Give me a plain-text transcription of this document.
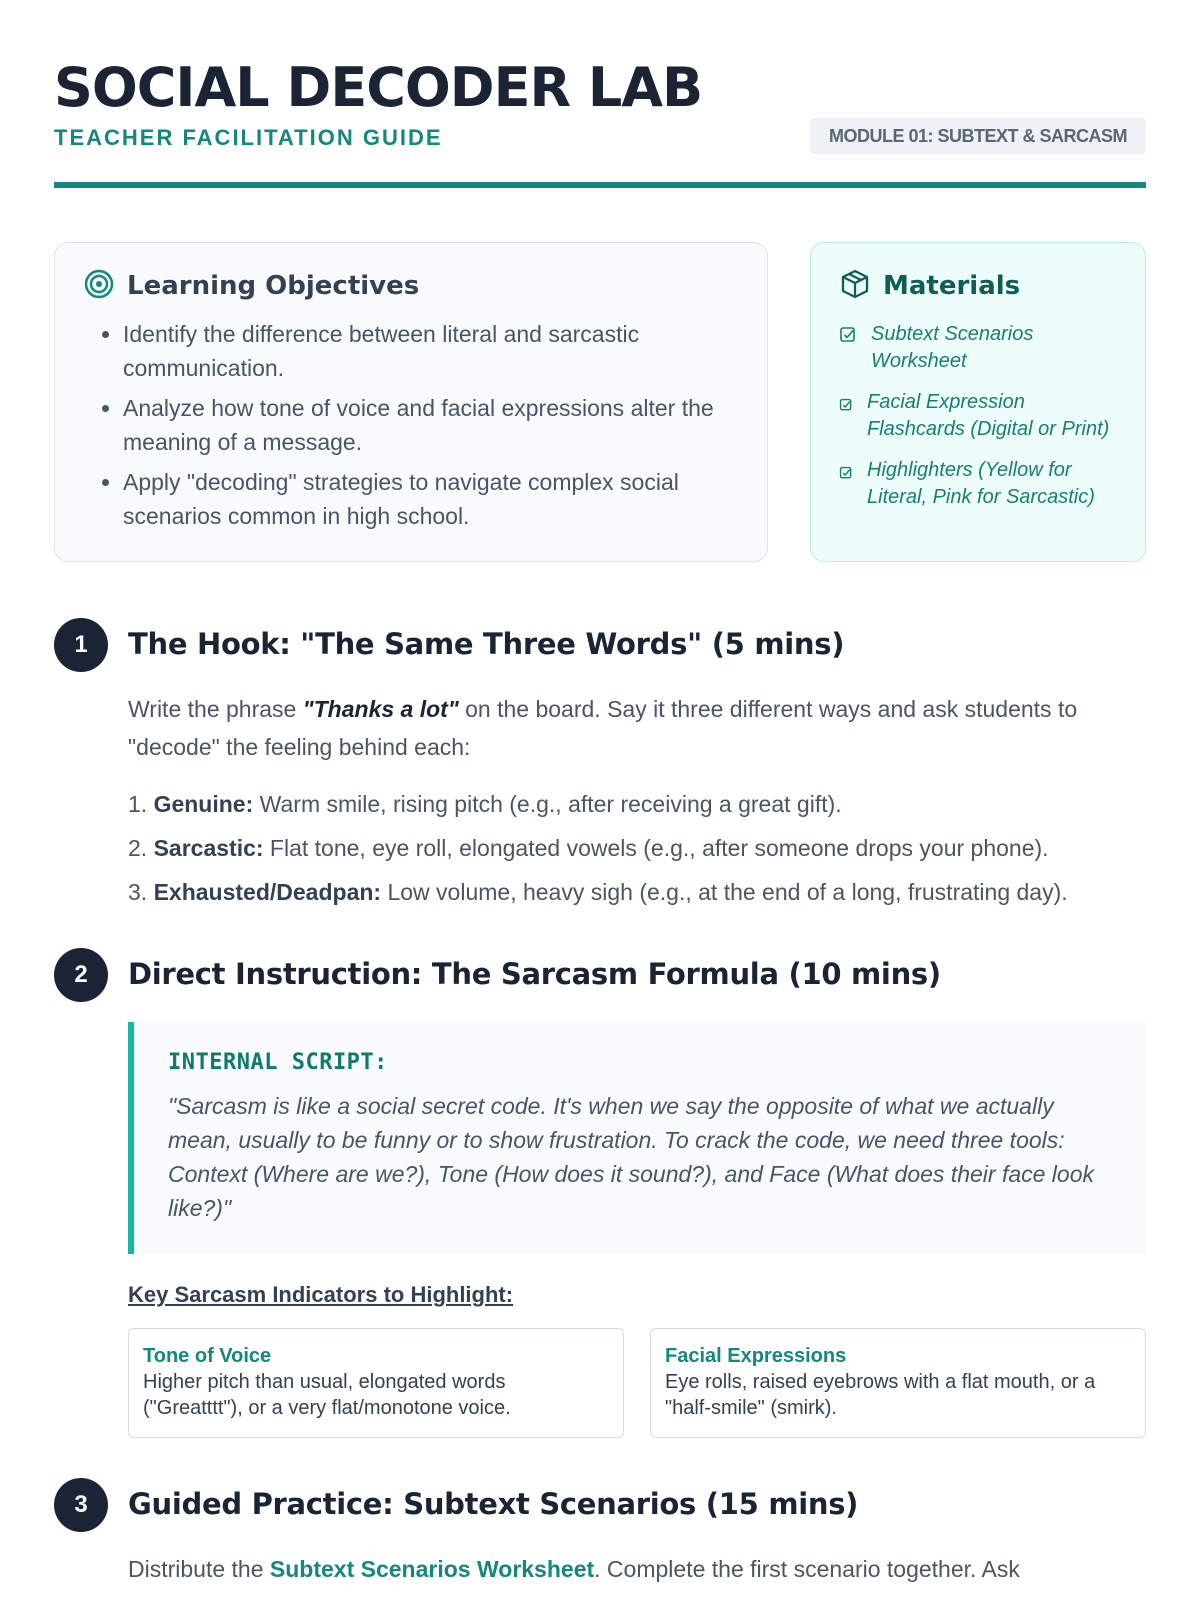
SOCIAL DECODER LAB
TEACHER FACILITATION GUIDE	MODULE 01: SUBTEXT & SARCASM
Learning Objectives
• Identify the difference between literal and sarcastic communication.
• Analyze how tone of voice and facial expressions alter the meaning of a message.
• Apply "decoding" strategies to navigate complex social scenarios common in high school.
Materials
Subtext Scenarios Worksheet
Facial Expression Flashcards (Digital or Print)
Highlighters (Yellow for Literal, Pink for Sarcastic)
1	The Hook: "The Same Three Words" (5 mins)

Write the phrase "Thanks a lot" on the board. Say it three different ways and ask students to "decode" the feeling behind each:

1. Genuine: Warm smile, rising pitch (e.g., after receiving a great gift).
2. Sarcastic: Flat tone, eye roll, elongated vowels (e.g., after someone drops your phone).
3. Exhausted/Deadpan: Low volume, heavy sigh (e.g., at the end of a long, frustrating day).
2	Direct Instruction: The Sarcasm Formula (10 mins)
INTERNAL SCRIPT:
"Sarcasm is like a social secret code. It's when we say the opposite of what we actually mean, usually to be funny or to show frustration. To crack the code, we need three tools: Context (Where are we?), Tone (How does it sound?), and Face (What does their face look like?)"
Key Sarcasm Indicators to Highlight:
Tone of Voice
Higher pitch than usual, elongated words ("Greatttt"), or a very flat/monotone voice.
Facial Expressions
Eye rolls, raised eyebrows with a flat mouth, or a "half-smile" (smirk).
3	Guided Practice: Subtext Scenarios (15 mins)

Distribute the Subtext Scenarios Worksheet. Complete the first scenario together. Ask
